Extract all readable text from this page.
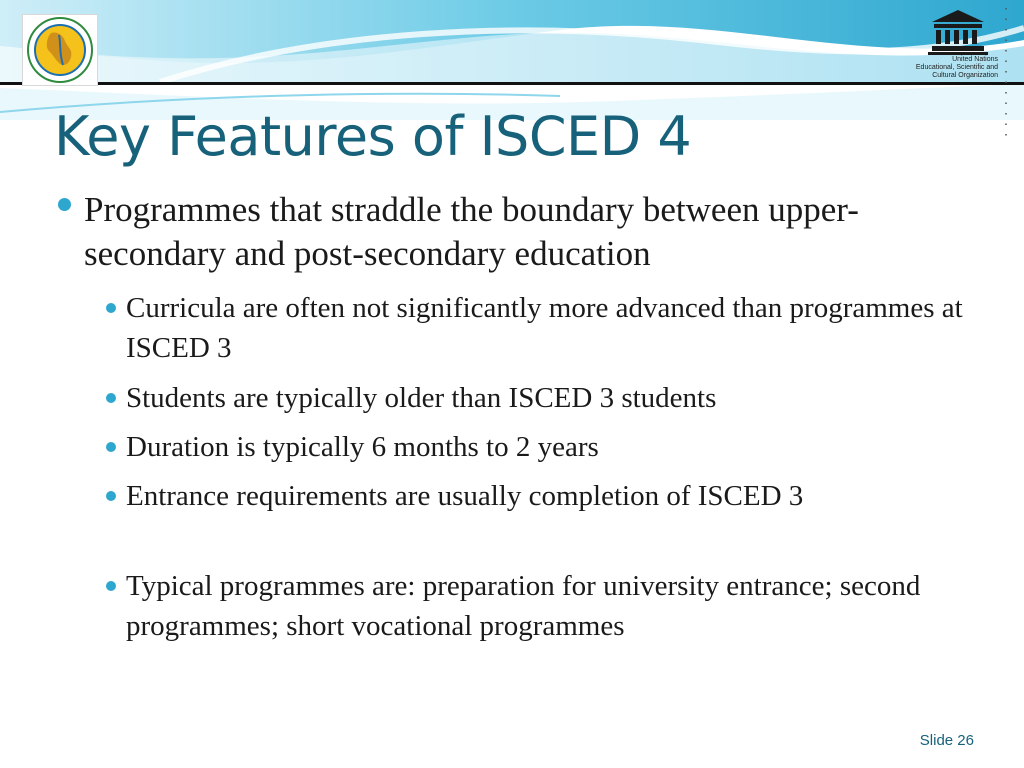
United Nations
Educational, Scientific and
Cultural Organization
Key Features of ISCED 4
Programmes that straddle the boundary between upper-secondary and post-secondary education
Curricula are often not significantly more advanced than programmes at ISCED 3
Students are typically older than ISCED 3 students
Duration is typically 6 months to 2 years
Entrance requirements are usually completion of ISCED 3
Typical programmes are: preparation for university entrance; second programmes; short vocational programmes
Slide 26
